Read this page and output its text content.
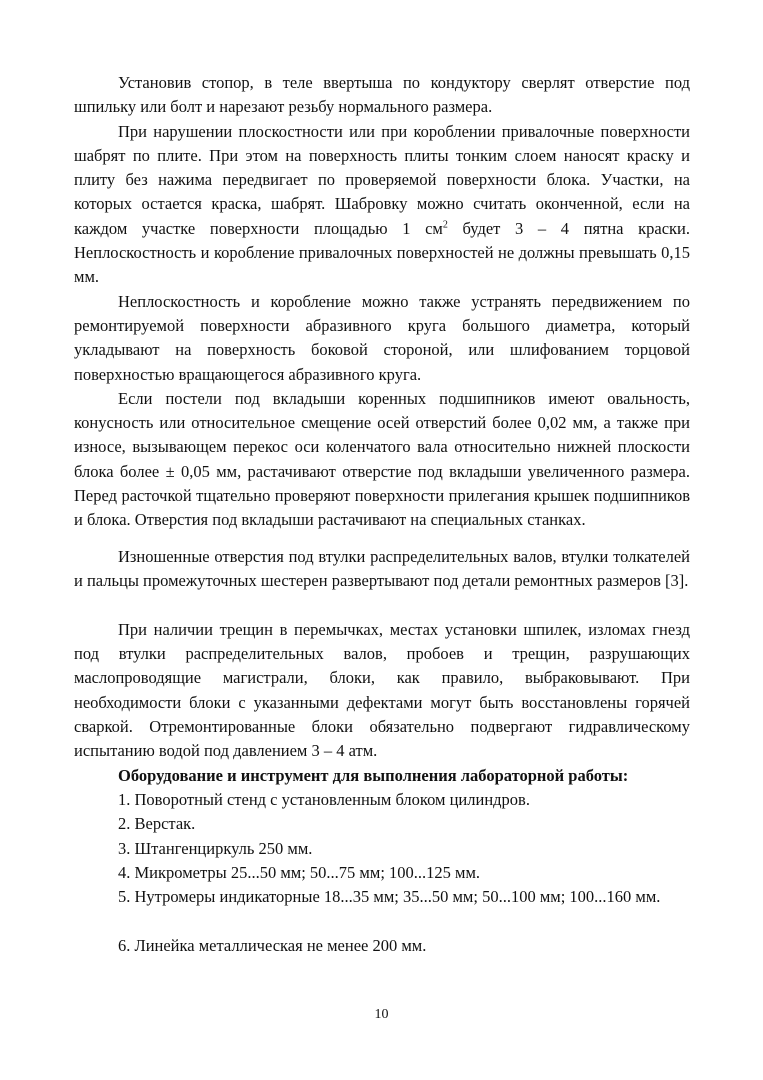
Установив стопор, в теле ввертыша по кондуктору сверлят отверстие под шпильку или болт и нарезают резьбу нормального размера.

При нарушении плоскостности или при короблении привалочные поверхности шабрят по плите. При этом на поверхность плиты тонким слоем наносят краску и плиту без нажима передвигает по проверяемой поверхности блока. Участки, на которых остается краска, шабрят. Шабровку можно считать оконченной, если на каждом участке поверхности площадью 1 $см^2$ будет 3 – 4 пятна краски. Неплоскостность и коробление привалочных поверхностей не должны превышать 0,15 мм.

Неплоскостность и коробление можно также устранять передвижением по ремонтируемой поверхности абразивного круга большого диаметра, который укладывают на поверхность боковой стороной, или шлифованием торцовой поверхностью вращающегося абразивного круга.

Если постели под вкладыши коренных подшипников имеют овальность, конусность или относительное смещение осей отверстий более 0,02 мм, а также при износе, вызывающем перекос оси коленчатого вала относительно нижней плоскости блока более ± 0,05 мм, растачивают отверстие под вкладыши увеличенного размера. Перед расточкой тщательно проверяют поверхности прилегания крышек подшипников и блока. Отверстия под вкладыши растачивают на специальных станках.

Изношенные отверстия под втулки распределительных валов, втулки толкателей и пальцы промежуточных шестерен развертывают под детали ремонтных размеров [3].

При наличии трещин в перемычках, местах установки шпилек, изломах гнезд под втулки распределительных валов, пробоев и трещин, разрушающих маслопроводящие магистрали, блоки, как правило, выбраковывают. При необходимости блоки с указанными дефектами могут быть восстановлены горячей сваркой. Отремонтированные блоки обязательно подвергают гидравлическому испытанию водой под давлением 3 – 4 атм.

Оборудование и инструмент для выполнения лабораторной работы:

1. Поворотный стенд с установленным блоком цилиндров.

2. Верстак.

3. Штангенциркуль 250 мм.

4. Микрометры 25...50 мм; 50...75 мм; 100...125 мм.

5. Нутромеры индикаторные 18...35 мм; 35...50 мм; 50...100 мм; 100...160 мм.

6. Линейка металлическая не менее 200 мм.

10
